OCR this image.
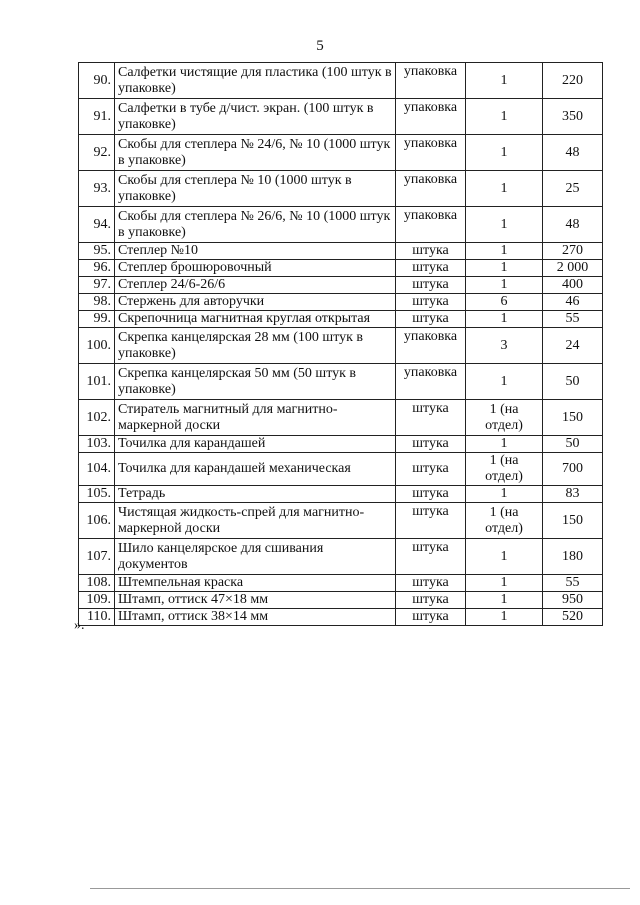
5
90.	Салфетки чистящие для пластика (100 штук в упаковке)	упаковка	1	220
91.	Салфетки в тубе д/чист. экран. (100 штук в упаковке)	упаковка	1	350
92.	Скобы для степлера № 24/6, № 10 (1000 штук в упаковке)	упаковка	1	48
93.	Скобы для степлера № 10 (1000 штук в упаковке)	упаковка	1	25
94.	Скобы для степлера № 26/6, № 10 (1000 штук в упаковке)	упаковка	1	48
95.	Степлер №10	штука	1	270
96.	Степлер брошюровочный	штука	1	2 000
97.	Степлер 24/6-26/6	штука	1	400
98.	Стержень для авторучки	штука	6	46
99.	Скрепочница магнитная круглая открытая	штука	1	55
100.	Скрепка канцелярская 28 мм (100 штук в упаковке)	упаковка	3	24
101.	Скрепка канцелярская 50 мм (50 штук в упаковке)	упаковка	1	50
102.	Стиратель магнитный для магнитно-маркерной доски	штука	1 (на отдел)	150
103.	Точилка для карандашей	штука	1	50
104.	Точилка для карандашей механическая	штука	1 (на отдел)	700
105.	Тетрадь	штука	1	83
106.	Чистящая жидкость-спрей для магнитно-маркерной доски	штука	1 (на отдел)	150
107.	Шило канцелярское для сшивания документов	штука	1	180
108.	Штемпельная краска	штука	1	55
109.	Штамп, оттиск 47×18 мм	штука	1	950
110.	Штамп, оттиск 38×14 мм	штука	1	520
».
